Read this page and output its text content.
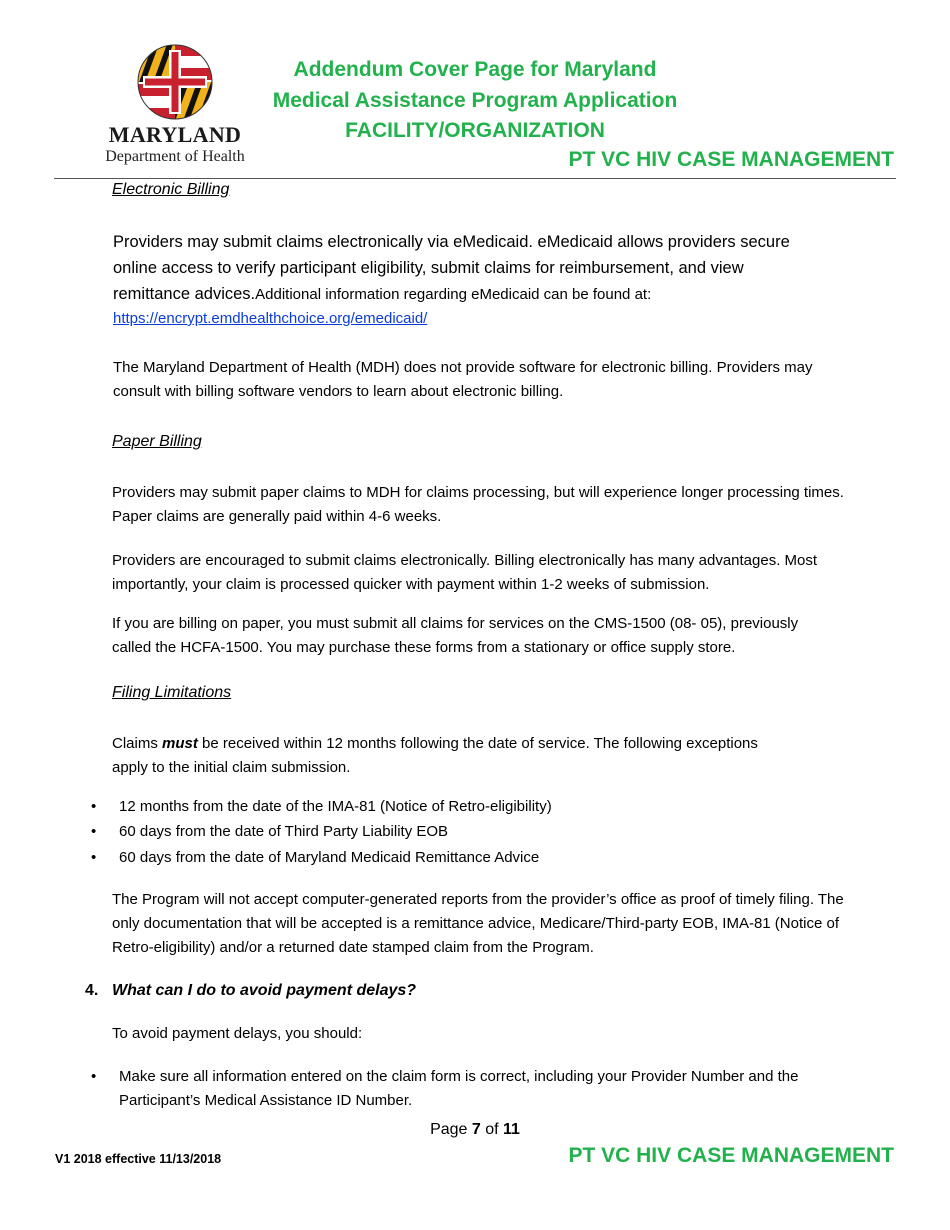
MARYLAND
Department of Health
Addendum Cover Page for Maryland
Medical Assistance Program Application
FACILITY/ORGANIZATION
PT VC HIV CASE MANAGEMENT
Electronic Billing
Providers may submit claims electronically via eMedicaid. eMedicaid allows providers secure
online access to verify participant eligibility, submit claims for reimbursement, and view
remittance advices.Additional information regarding eMedicaid can be found at:
https://encrypt.emdhealthchoice.org/emedicaid/
The Maryland Department of Health (MDH) does not provide software for electronic billing. Providers may
consult with billing software vendors to learn about electronic billing.
Paper Billing
Providers may submit paper claims to MDH for claims processing, but will experience longer processing times.
Paper claims are generally paid within 4-6 weeks.
Providers are encouraged to submit claims electronically. Billing electronically has many advantages. Most
importantly, your claim is processed quicker with payment within 1-2 weeks of submission.
If you are billing on paper, you must submit all claims for services on the CMS-1500 (08- 05), previously
called the HCFA-1500. You may purchase these forms from a stationary or office supply store.
Filing Limitations
Claims must be received within 12 months following the date of service. The following exceptions
apply to the initial claim submission.
• 12 months from the date of the IMA-81 (Notice of Retro-eligibility)
• 60 days from the date of Third Party Liability EOB
• 60 days from the date of Maryland Medicaid Remittance Advice
The Program will not accept computer-generated reports from the provider’s office as proof of timely filing. The
only documentation that will be accepted is a remittance advice, Medicare/Third-party EOB, IMA-81 (Notice of
Retro-eligibility) and/or a returned date stamped claim from the Program.
4. What can I do to avoid payment delays?
To avoid payment delays, you should:
• Make sure all information entered on the claim form is correct, including your Provider Number and the
Participant’s Medical Assistance ID Number.
Page 7 of 11
V1 2018 effective 11/13/2018	PT VC HIV CASE MANAGEMENT
